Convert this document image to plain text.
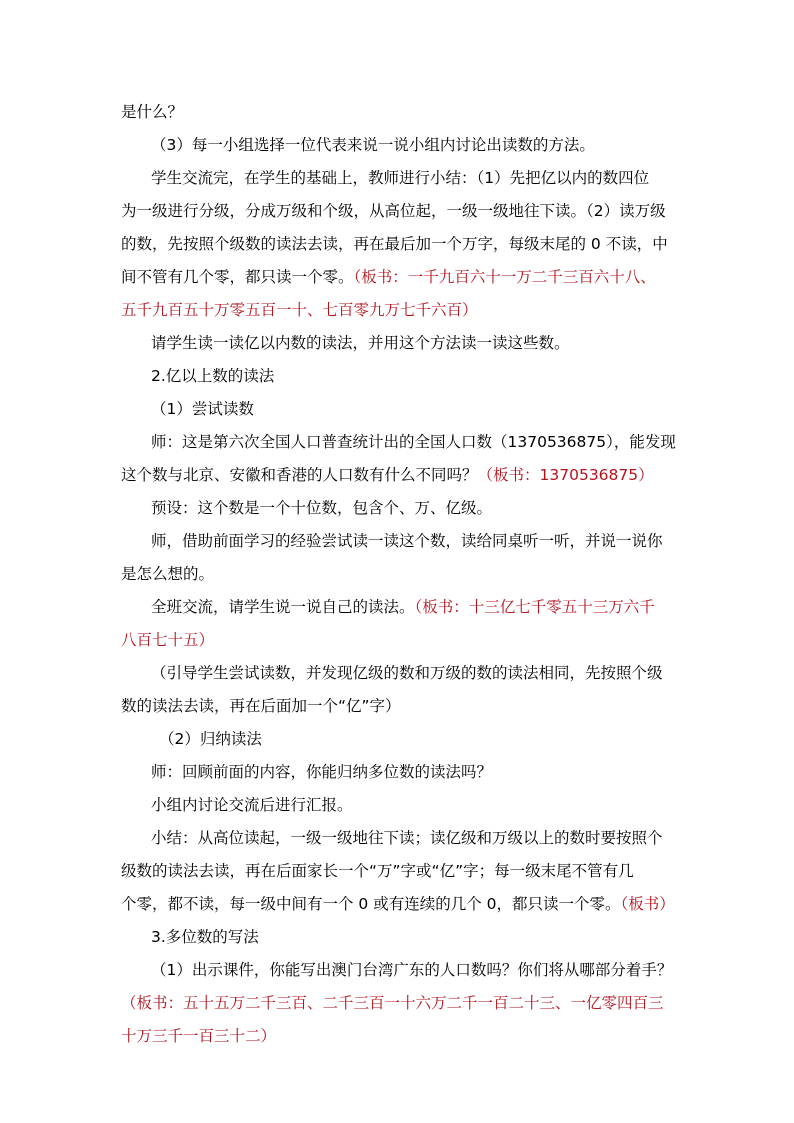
是什么？
（3）每一小组选择一位代表来说一说小组内讨论出读数的方法。
学生交流完，在学生的基础上，教师进行小结：（1）先把亿以内的数四位
为一级进行分级，分成万级和个级，从高位起，一级一级地往下读。（2）读万级
的数，先按照个级数的读法去读，再在最后加一个万字，每级末尾的 0 不读，中
间不管有几个零，都只读一个零。（板书：一千九百六十一万二千三百六十八、
五千九百五十万零五百一十、七百零九万七千六百）
请学生读一读亿以内数的读法，并用这个方法读一读这些数。
2.亿以上数的读法
（1）尝试读数
师：这是第六次全国人口普查统计出的全国人口数（1370536875），能发现
这个数与北京、安徽和香港的人口数有什么不同吗？（板书：1370536875）
预设：这个数是一个十位数，包含个、万、亿级。
师，借助前面学习的经验尝试读一读这个数，读给同桌听一听，并说一说你
是怎么想的。
全班交流，请学生说一说自己的读法。（板书：十三亿七千零五十三万六千
八百七十五）
（引导学生尝试读数，并发现亿级的数和万级的数的读法相同，先按照个级
数的读法去读，再在后面加一个“亿”字）
（2）归纳读法
师：回顾前面的内容，你能归纳多位数的读法吗？
小组内讨论交流后进行汇报。
小结：从高位读起，一级一级地往下读；读亿级和万级以上的数时要按照个
级数的读法去读，再在后面家长一个“万”字或“亿”字；每一级末尾不管有几
个零，都不读，每一级中间有一个 0 或有连续的几个 0，都只读一个零。（板书）
3.多位数的写法
（1）出示课件，你能写出澳门台湾广东的人口数吗？你们将从哪部分着手？
（板书：五十五万二千三百、二千三百一十六万二千一百二十三、一亿零四百三
十万三千一百三十二）
